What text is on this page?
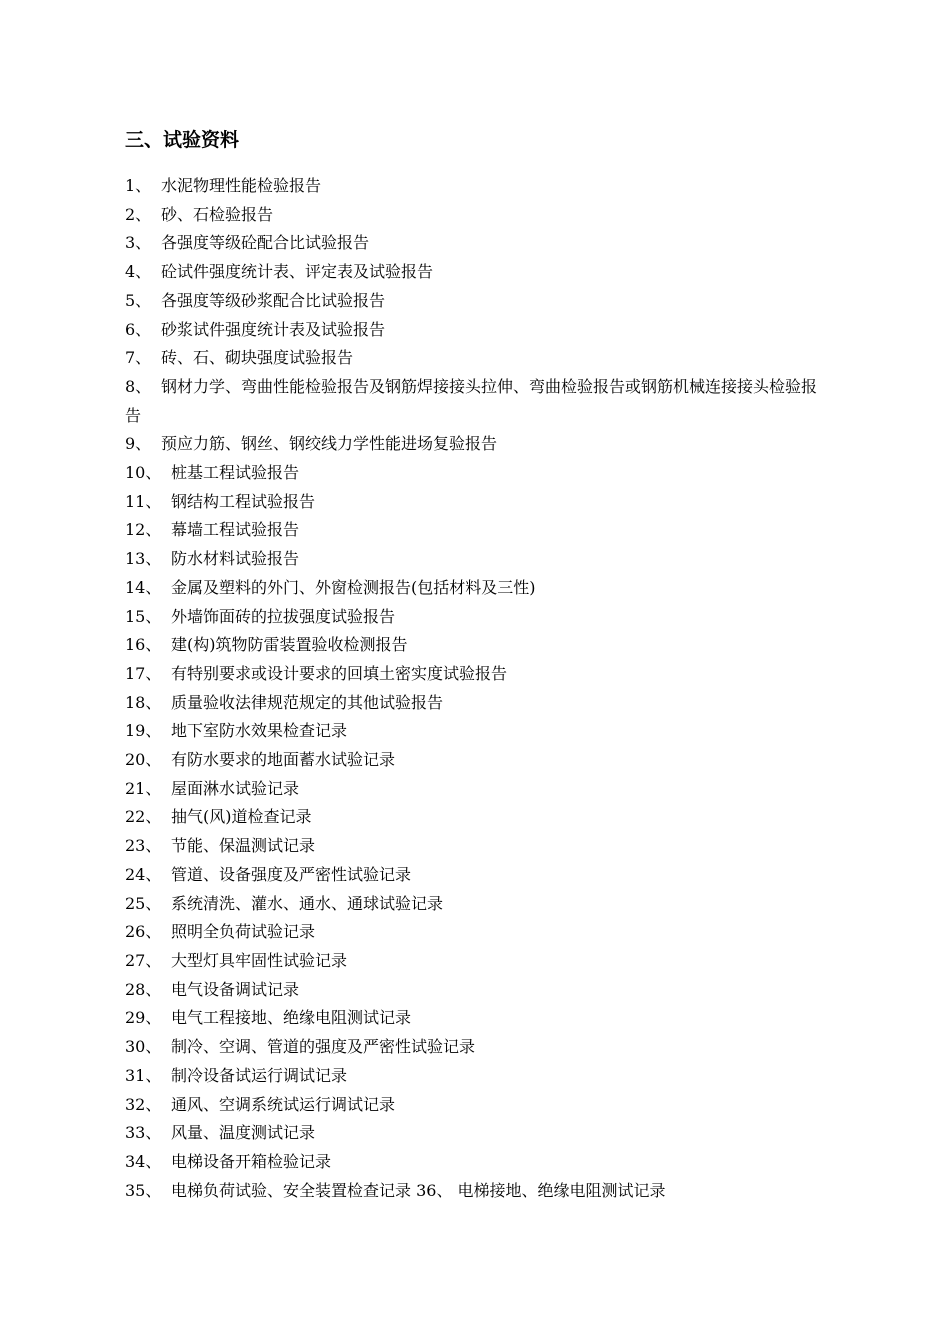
三、试验资料
1、 水泥物理性能检验报告
2、 砂、石检验报告
3、 各强度等级砼配合比试验报告
4、 砼试件强度统计表、评定表及试验报告
5、 各强度等级砂浆配合比试验报告
6、 砂浆试件强度统计表及试验报告
7、 砖、石、砌块强度试验报告
8、 钢材力学、弯曲性能检验报告及钢筋焊接接头拉伸、弯曲检验报告或钢筋机械连接接头检验报告
9、 预应力筋、钢丝、钢绞线力学性能进场复验报告
10、 桩基工程试验报告
11、 钢结构工程试验报告
12、 幕墙工程试验报告
13、 防水材料试验报告
14、 金属及塑料的外门、外窗检测报告(包括材料及三性)
15、 外墙饰面砖的拉拔强度试验报告
16、 建(构)筑物防雷装置验收检测报告
17、 有特别要求或设计要求的回填土密实度试验报告
18、 质量验收法律规范规定的其他试验报告
19、 地下室防水效果检查记录
20、 有防水要求的地面蓄水试验记录
21、 屋面淋水试验记录
22、 抽气(风)道检查记录
23、 节能、保温测试记录
24、 管道、设备强度及严密性试验记录
25、 系统清洗、灌水、通水、通球试验记录
26、 照明全负荷试验记录
27、 大型灯具牢固性试验记录
28、 电气设备调试记录
29、 电气工程接地、绝缘电阻测试记录
30、 制冷、空调、管道的强度及严密性试验记录
31、 制冷设备试运行调试记录
32、 通风、空调系统试运行调试记录
33、 风量、温度测试记录
34、 电梯设备开箱检验记录
35、 电梯负荷试验、安全装置检查记录 36、 电梯接地、绝缘电阻测试记录
